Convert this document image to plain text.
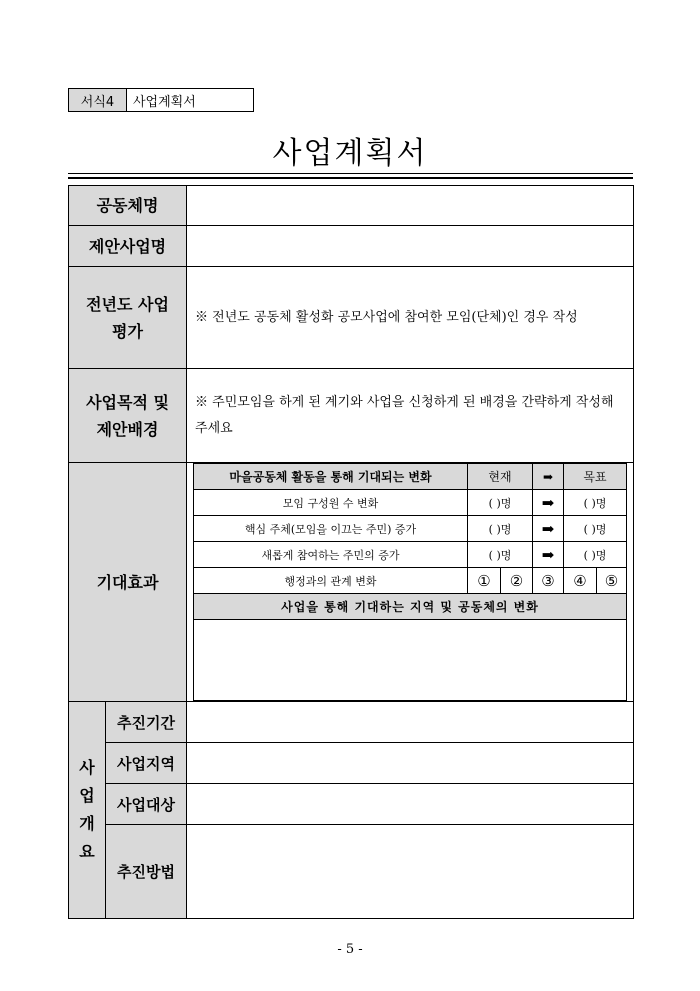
서식4	사업계획서
사업계획서
공동체명	
제안사업명	

전년도 사업
평가
	※ 전년도 공동체 활성화 공모사업에 참여한 모임(단체)인 경우 작성

사업목적 및
제안배경
	※ 주민모임을 하게 된 계기와 사업을 신청하게 된 배경을 간략하게 작성해 주세요
기대효과	
마을공동체 활동을 통해 기대되는 변화	현재	➡	목표
모임 구성원 수 변화	( )명	➡	( )명
핵심 주체(모임을 이끄는 주민) 증가	( )명	➡	( )명
새롭게 참여하는 주민의 증가	( )명	➡	( )명
행정과의 관계 변화	①	②	③	④	⑤
사업을 통해 기대하는 지역 및 공동체의 변화

사
업
개
요
	추진기간	
사업지역	
사업대상	
추진방법	
- 5 -
